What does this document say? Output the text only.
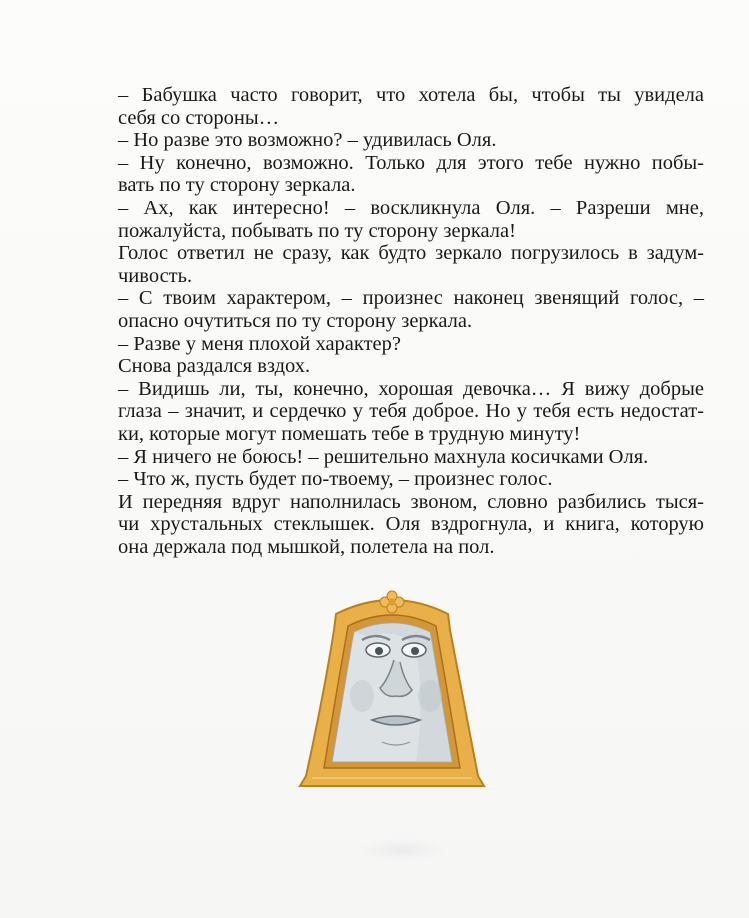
– Бабушка часто говорит, что хотела бы, чтобы ты увидела
себя со стороны…

– Но разве это возможно? – удивилась Оля.

– Ну конечно, возможно. Только для этого тебе нужно побы-
вать по ту сторону зеркала.

– Ах, как интересно! – воскликнула Оля. – Разреши мне,
пожалуйста, побывать по ту сторону зеркала!

Голос ответил не сразу, как будто зеркало погрузилось в задум-
чивость.

– С твоим характером, – произнес наконец звенящий голос, –
опасно очутиться по ту сторону зеркала.

– Разве у меня плохой характер?

Снова раздался вздох.

– Видишь ли, ты, конечно, хорошая девочка… Я вижу добрые
глаза – значит, и сердечко у тебя доброе. Но у тебя есть недостат-
ки, которые могут помешать тебе в трудную минуту!

– Я ничего не боюсь! – решительно махнула косичками Оля.

– Что ж, пусть будет по-твоему, – произнес голос.

И передняя вдруг наполнилась звоном, словно разбились тыся-
чи хрустальных стеклышек. Оля вздрогнула, и книга, которую
она держала под мышкой, полетела на пол.
